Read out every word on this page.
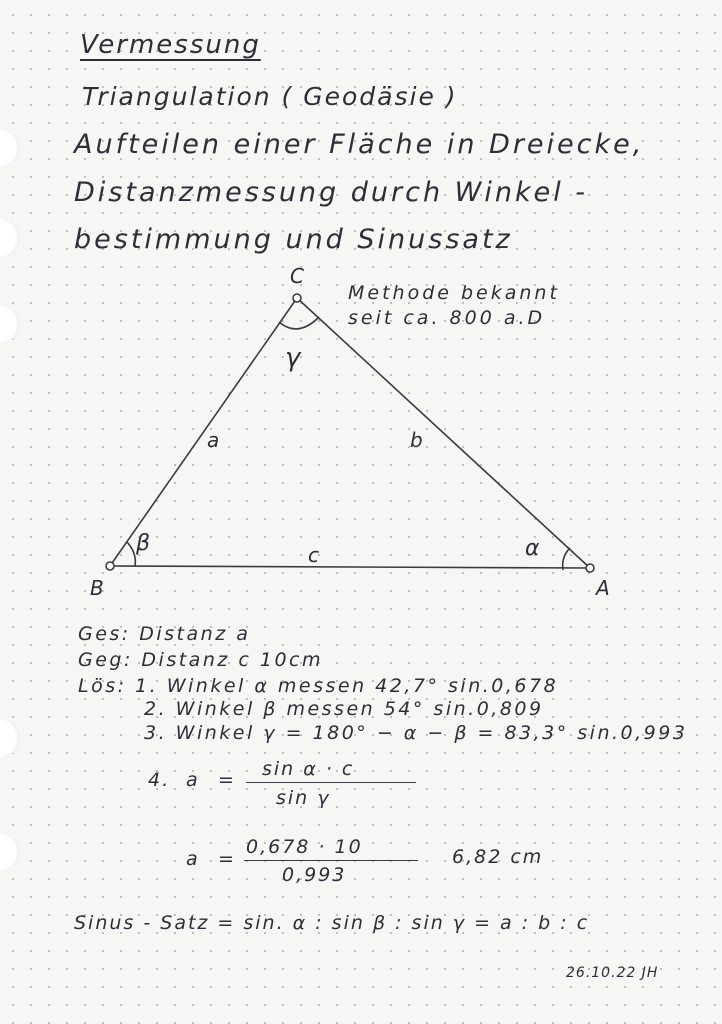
Vermessung
Triangulation ( Geodäsie )
Aufteilen einer Fläche in Dreiecke,
Distanzmessung durch Winkel -
bestimmung und Sinussatz
Methode bekannt
seit ca. 800 a.D
C
B	A
a	b
c
γ
β	α
Ges: Distanz a
Geg: Distanz c 10cm
Lös: 1. Winkel α messen 42,7° sin.0,678
2. Winkel β messen 54° sin.0,809
3. Winkel γ = 180° − α − β = 83,3° sin.0,993
4. a = sin α · c
sin γ
a =
0,678 · 10
0,993
6,82 cm
Sinus - Satz = sin. α : sin β : sin γ = a : b : c
26.10.22 JH
